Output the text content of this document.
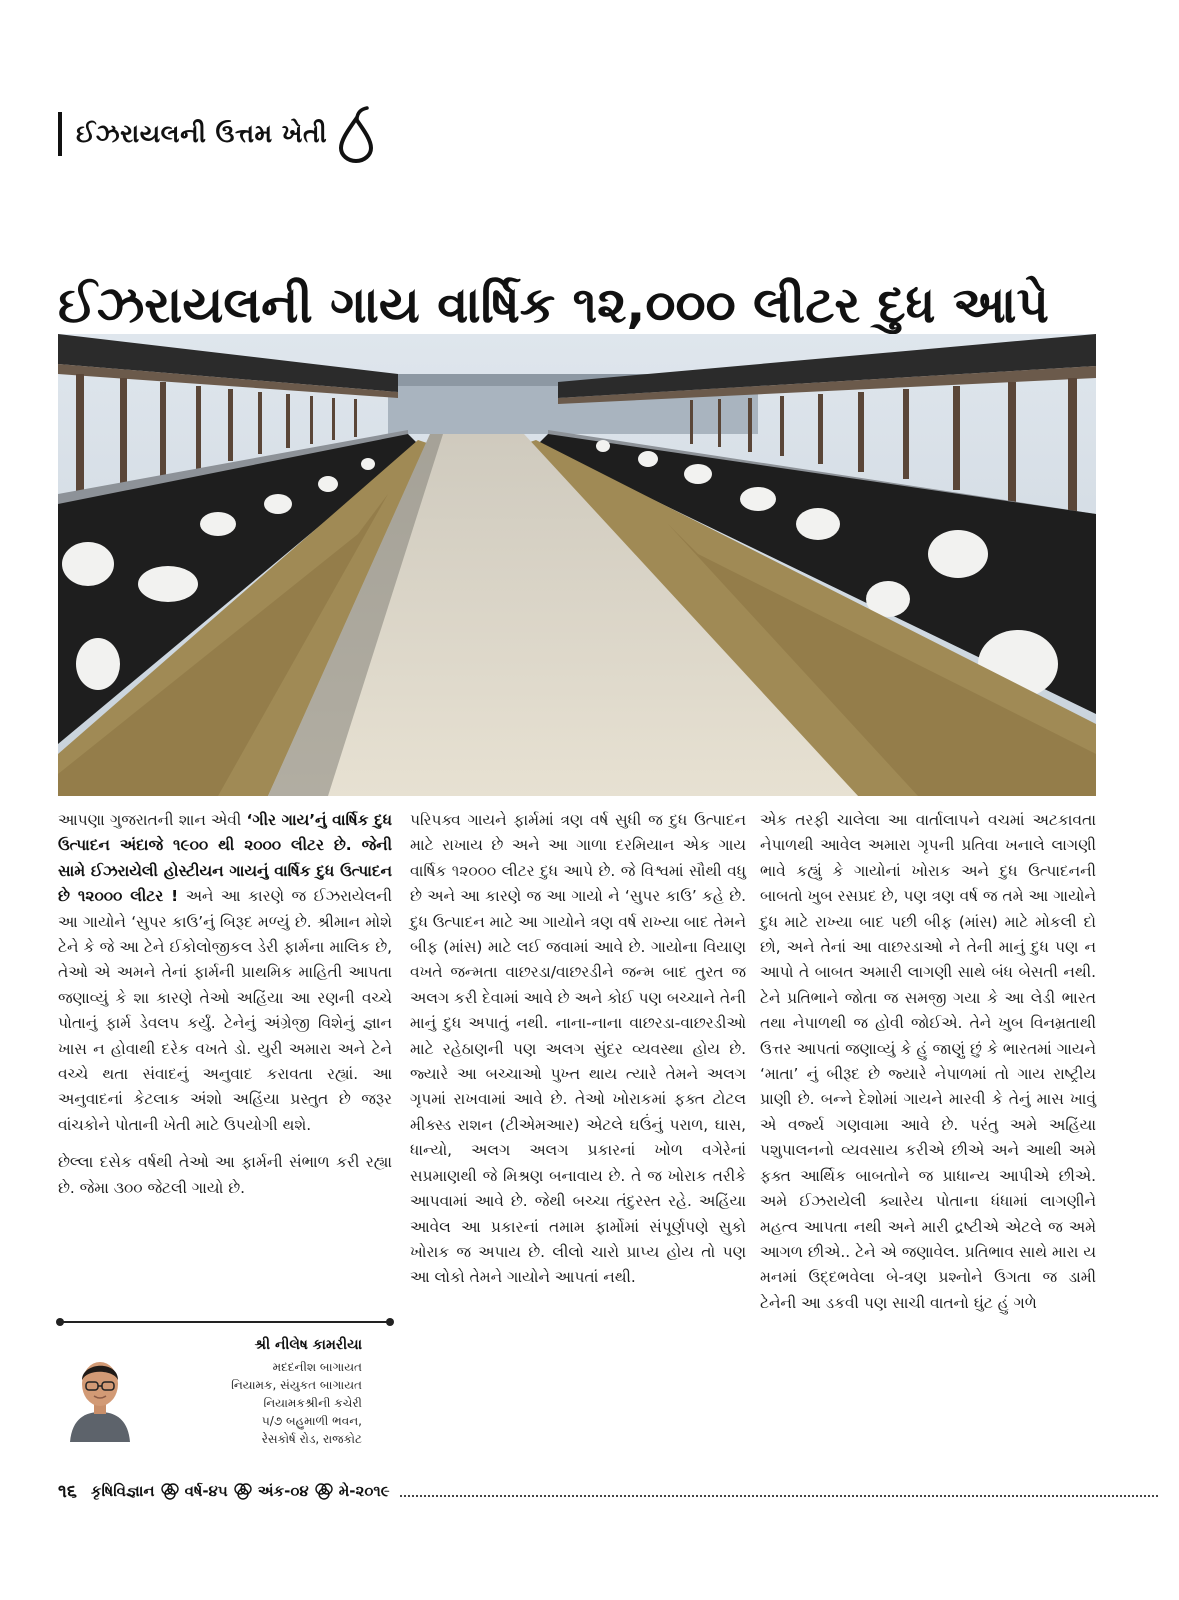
ઈઝરાયલની ઉત્તમ ખેતી
ઈઝરાયલની ગાય વાર્ષિક ૧૨,૦૦૦ લીટર દુધ આપે

આપણા ગુજરાતની શાન એવી ‘ગીર ગાય’નું વાર્ષિક દુધ ઉત્પાદન અંદાજે ૧૯૦૦ થી ૨૦૦૦ લીટર છે. જેની સામે ઈઝરાયેલી હોસ્ટીયન ગાયનું વાર્ષિક દુધ ઉત્પાદન છે ૧૨૦૦૦ લીટર ! અને આ કારણે જ ઈઝરાયેલની આ ગાયોને ‘સુપર કાઉ’નું બિરૂદ મળ્યું છે. શ્રીમાન મોશે ટેને કે જે આ ટેને ઈકોલોજીકલ ડેરી ફાર્મના માલિક છે, તેઓ એ અમને તેનાં ફાર્મની પ્રાથમિક માહિતી આપતા જણાવ્યું કે શા કારણે તેઓ અહિંયા આ રણની વચ્ચે પોતાનું ફાર્મ ડેવલપ કર્યું. ટેનેનું અંગ્રેજી વિશેનું જ્ઞાન ખાસ ન હોવાથી દરેક વખતે ડો. યુરી અમારા અને ટેને વચ્ચે થતા સંવાદનું અનુવાદ કરાવતા રહ્યાં. આ અનુવાદનાં કેટલાક અંશો અહિંયા પ્રસ્તુત છે જરૂર વાંચકોને પોતાની ખેતી માટે ઉપયોગી થશે.

છેલ્લા દસેક વર્ષથી તેઓ આ ફાર્મની સંભાળ કરી રહ્યા છે. જેમા ૩૦૦ જેટલી ગાયો છે.

શ્રી નીલેષ કામરીયા
મદદનીશ બાગાયત
નિયામક, સંયુકત બાગાયત
નિયામકશ્રીની કચેરી
૫/૭ બહુમાળી ભવન,
રેસકોર્ષ રોડ, રાજકોટ

પરિપક્વ ગાયને ફાર્મમાં ત્રણ વર્ષ સુધી જ દુધ ઉત્પાદન માટે રાખાય છે અને આ ગાળા દરમિયાન એક ગાય વાર્ષિક ૧૨૦૦૦ લીટર દુધ આપે છે. જે વિશ્વમાં સૌથી વધુ છે અને આ કારણે જ આ ગાયો ને ‘સુપર કાઉ’ કહે છે. દુધ ઉત્પાદન માટે આ ગાયોને ત્રણ વર્ષ રાખ્યા બાદ તેમને બીફ (માંસ) માટે લઈ જવામાં આવે છે. ગાયોના વિયાણ વખતે જન્મતા વાછરડા/વાછરડીને જન્મ બાદ તુરત જ અલગ કરી દેવામાં આવે છે અને કોઈ પણ બચ્ચાને તેની માનું દુધ અપાતું નથી. નાના-નાના વાછરડા-વાછરડીઓ માટે રહેઠાણની પણ અલગ સુંદર વ્યવસ્થા હોય છે. જ્યારે આ બચ્ચાઓ પુખ્ત થાય ત્યારે તેમને અલગ ગૃપમાં રાખવામાં આવે છે. તેઓ ખોરાકમાં ફક્ત ટોટલ મીક્સ્ડ રાશન (ટીએમઆર) એટલે ઘઉંનું પરાળ, ઘાસ, ધાન્યો, અલગ અલગ પ્રકારનાં ખોળ વગેરેનાં સપ્રમાણથી જે મિશ્રણ બનાવાય છે. તે જ ખોરાક તરીકે આપવામાં આવે છે. જેથી બચ્ચા તંદુરસ્ત રહે. અહિંયા આવેલ આ પ્રકારનાં તમામ ફાર્મોમાં સંપૂર્ણપણે સુકો ખોરાક જ અપાય છે. લીલો ચારો પ્રાપ્ય હોય તો પણ આ લોકો તેમને ગાયોને આપતાં નથી.

એક તરફી ચાલેલા આ વાર્તાલાપને વચમાં અટકાવતા નેપાળથી આવેલ અમારા ગૃપની પ્રતિવા ખનાલે લાગણી ભાવે કહ્યું કે ગાયોનાં ખોરાક અને દુધ ઉત્પાદનની બાબતો ખુબ રસપ્રદ છે, પણ ત્રણ વર્ષ જ તમે આ ગાયોને દુધ માટે રાખ્યા બાદ પછી બીફ (માંસ) માટે મોકલી દો છો, અને તેનાં આ વાછરડાઓ ને તેની માનું દુધ પણ ન આપો તે બાબત અમારી લાગણી સાથે બંધ બેસતી નથી. ટેને પ્રતિભાને જોતા જ સમજી ગયા કે આ લેડી ભારત તથા નેપાળથી જ હોવી જોઈએ. તેને ખુબ વિનમ્રતાથી ઉત્તર આપતાં જણાવ્યું કે હું જાણું છું કે ભારતમાં ગાયને ‘માતા’ નું બીરૂદ છે જ્યારે નેપાળમાં તો ગાય રાષ્ટ્રીય પ્રાણી છે. બન્ને દેશોમાં ગાયને મારવી કે તેનું માસ ખાવું એ વર્જ્ય ગણવામા આવે છે. પરંતુ અમે અહિંયા પશુપાલનનો વ્યવસાય કરીએ છીએ અને આથી અમે ફક્ત આર્થિક બાબતોને જ પ્રાધાન્ય આપીએ છીએ. અમે ઈઝરાયેલી ક્યારેય પોતાના ધંધામાં લાગણીને મહત્વ આપતા નથી અને મારી દ્રષ્ટીએ એટલે જ અમે આગળ છીએ.. ટેને એ જણાવેલ. પ્રતિભાવ સાથે મારા ય મનમાં ઉદ્દભવેલા બે-ત્રણ પ્રશ્નોને ઉગતા જ ડામી ટેનેની આ ડકવી પણ સાચી વાતનો ઘુંટ હું ગળે

૧૬ કૃષિવિજ્ઞાન વર્ષ-૪૫ અંક-૦૪ મે-૨૦૧૯
